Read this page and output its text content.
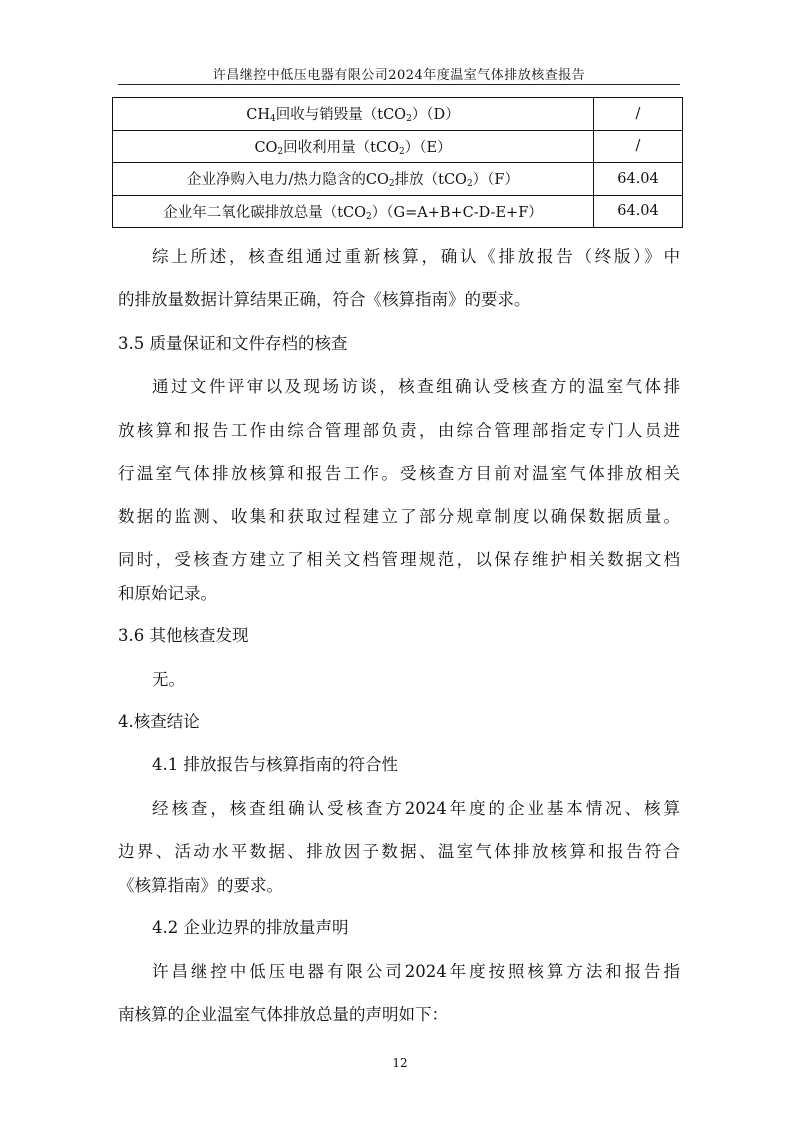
许昌继控中低压电器有限公司2024年度温室气体排放核查报告
$CH_4$回收与销毁量（tCO$_2$）（D）	/
$CO_2$回收利用量（tCO$_2$）（E）	/
企业净购入电力/热力隐含的$CO_2$排放（tCO$_2$）（F）	64.04
企业年二氧化碳排放总量（tCO$_2$）（G=A+B+C-D-E+F）	64.04
综上所述，核查组通过重新核算，确认《排放报告（终版）》中
的排放量数据计算结果正确，符合《核算指南》的要求。
3.5 质量保证和文件存档的核查
通过文件评审以及现场访谈，核查组确认受核查方的温室气体排
放核算和报告工作由综合管理部负责，由综合管理部指定专门人员进
行温室气体排放核算和报告工作。受核查方目前对温室气体排放相关
数据的监测、收集和获取过程建立了部分规章制度以确保数据质量。
同时，受核查方建立了相关文档管理规范，以保存维护相关数据文档
和原始记录。
3.6 其他核查发现
无。
4.核查结论
4.1 排放报告与核算指南的符合性
经核查，核查组确认受核查方2024年度的企业基本情况、核算
边界、活动水平数据、排放因子数据、温室气体排放核算和报告符合
《核算指南》的要求。
4.2 企业边界的排放量声明
许昌继控中低压电器有限公司2024年度按照核算方法和报告指
南核算的企业温室气体排放总量的声明如下：
12
